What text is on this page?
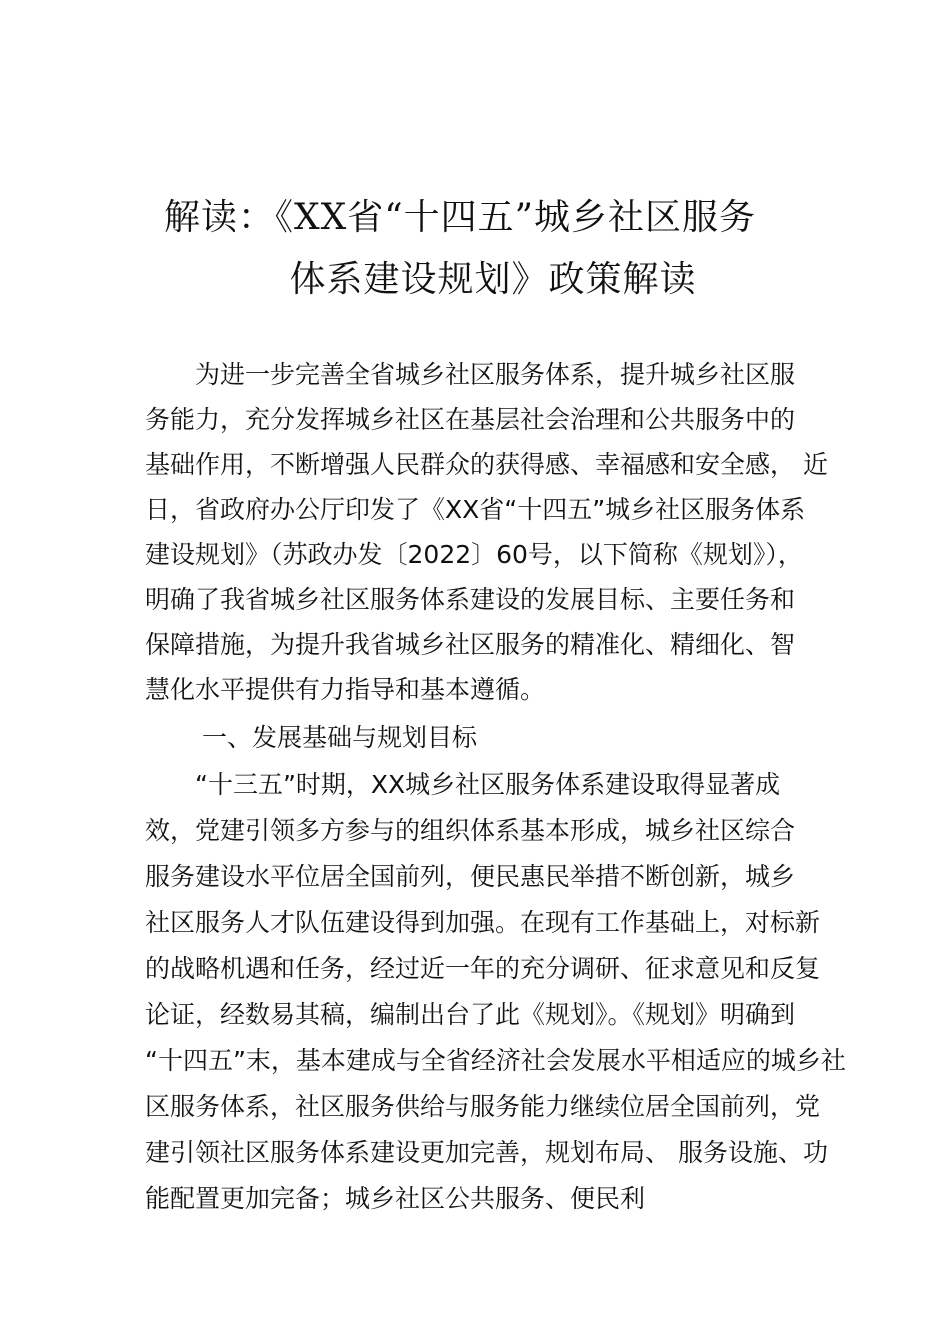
解读：《XX省“十四五”城乡社区服务
体系建设规划》政策解读
为进一步完善全省城乡社区服务体系，提升城乡社区服
务能力，充分发挥城乡社区在基层社会治理和公共服务中的
基础作用，不断增强人民群众的获得感、幸福感和安全感， 近
日，省政府办公厅印发了《XX省“十四五”城乡社区服务体系
建设规划》（苏政办发〔2022〕60号，以下简称《规划》），
明确了我省城乡社区服务体系建设的发展目标、主要任务和
保障措施，为提升我省城乡社区服务的精准化、精细化、智
慧化水平提供有力指导和基本遵循。
一、发展基础与规划目标
“十三五”时期，XX城乡社区服务体系建设取得显著成
效，党建引领多方参与的组织体系基本形成，城乡社区综合
服务建设水平位居全国前列，便民惠民举措不断创新，城乡
社区服务人才队伍建设得到加强。在现有工作基础上，对标新
的战略机遇和任务，经过近一年的充分调研、征求意见和反复
论证，经数易其稿，编制出台了此《规划》。《规划》明确到
“十四五”末，基本建成与全省经济社会发展水平相适应的城乡社
区服务体系，社区服务供给与服务能力继续位居全国前列，党
建引领社区服务体系建设更加完善，规划布局、 服务设施、功
能配置更加完备；城乡社区公共服务、便民利
